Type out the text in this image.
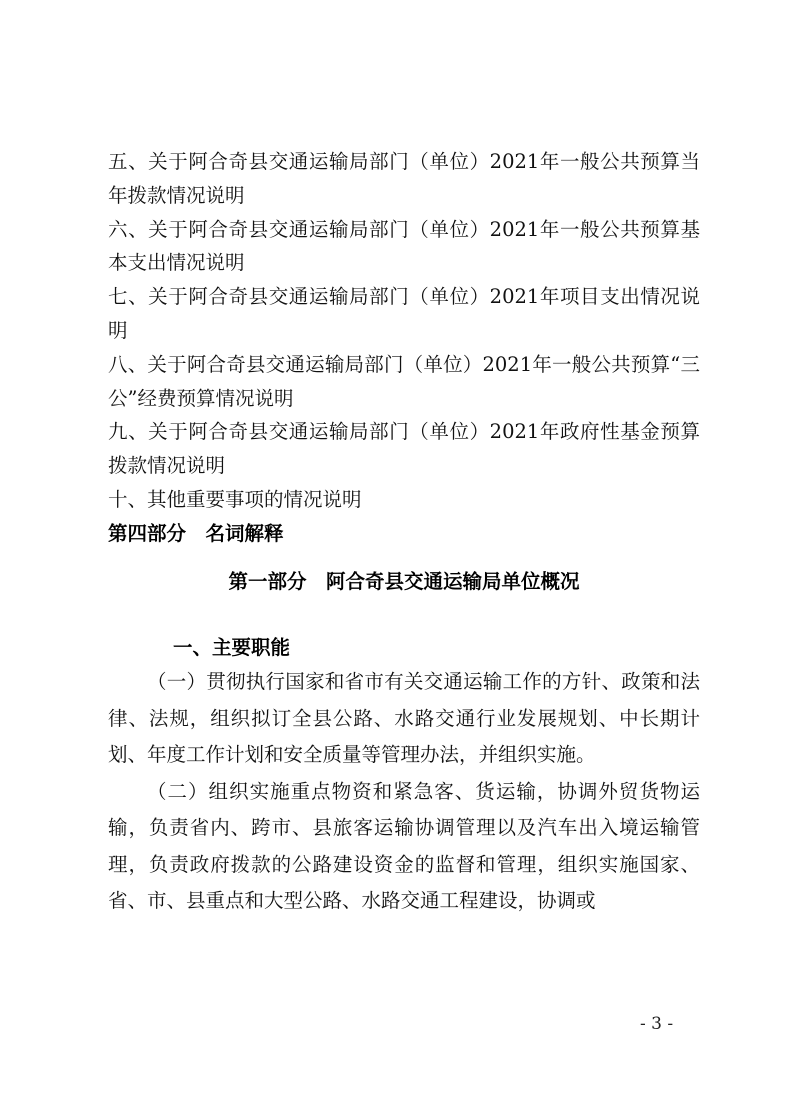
五、关于阿合奇县交通运输局部门（单位）2021年一般公共预算当年拨款情况说明
六、关于阿合奇县交通运输局部门（单位）2021年一般公共预算基本支出情况说明
七、关于阿合奇县交通运输局部门（单位）2021年项目支出情况说明
八、关于阿合奇县交通运输局部门（单位）2021年一般公共预算“三公”经费预算情况说明
九、关于阿合奇县交通运输局部门（单位）2021年政府性基金预算拨款情况说明
十、其他重要事项的情况说明
第四部分　名词解释
第一部分　阿合奇县交通运输局单位概况
一、主要职能

（一）贯彻执行国家和省市有关交通运输工作的方针、政策和法律、法规，组织拟订全县公路、水路交通行业发展规划、中长期计划、年度工作计划和安全质量等管理办法，并组织实施。

（二）组织实施重点物资和紧急客、货运输，协调外贸货物运输，负责省内、跨市、县旅客运输协调管理以及汽车出入境运输管理，负责政府拨款的公路建设资金的监督和管理，组织实施国家、省、市、县重点和大型公路、水路交通工程建设，协调或

- 3 -
